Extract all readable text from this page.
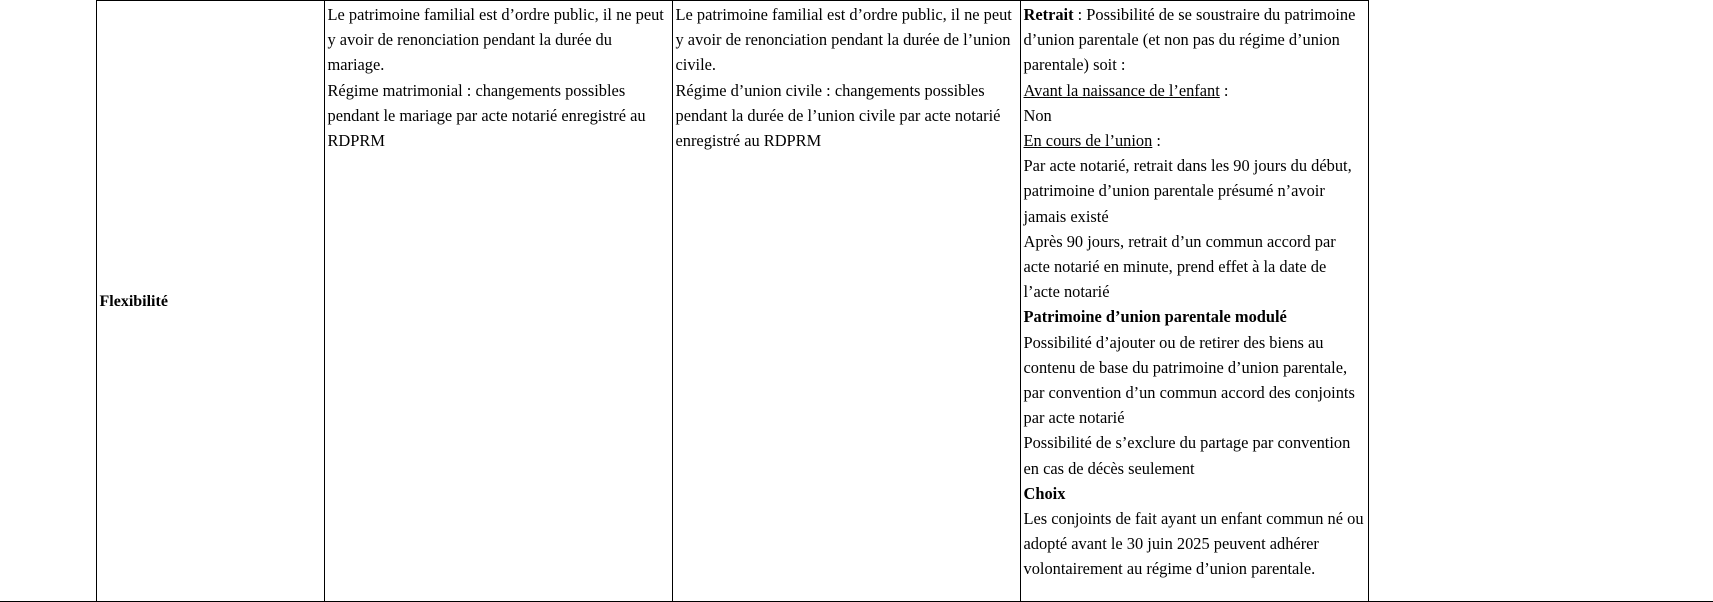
	Flexibilité	
Le patrimoine familial est d’ordre public, il ne peut y avoir de renonciation pendant la durée du mariage.
Régime matrimonial : changements possibles pendant le mariage par acte notarié enregistré au RDPRM

Le patrimoine familial est d’ordre public, il ne peut y avoir de renonciation pendant la durée de l’union civile.
Régime d’union civile : changements possibles pendant la durée de l’union civile par acte notarié enregistré au RDPRM

Retrait : Possibilité de se soustraire du patrimoine d’union parentale (et non pas du régime d’union parentale) soit :
Avant la naissance de l’enfant :
Non
En cours de l’union :
Par acte notarié, retrait dans les 90 jours du début, patrimoine d’union parentale présumé n’avoir jamais existé
Après 90 jours, retrait d’un commun accord par acte notarié en minute, prend effet à la date de l’acte notarié
Patrimoine d’union parentale modulé
Possibilité d’ajouter ou de retirer des biens au contenu de base du patrimoine d’union parentale, par convention d’un commun accord des conjoints par acte notarié
Possibilité de s’exclure du partage par convention en cas de décès seulement
Choix
Les conjoints de fait ayant un enfant commun né ou adopté avant le 30 juin 2025 peuvent adhérer volontairement au régime d’union parentale.
